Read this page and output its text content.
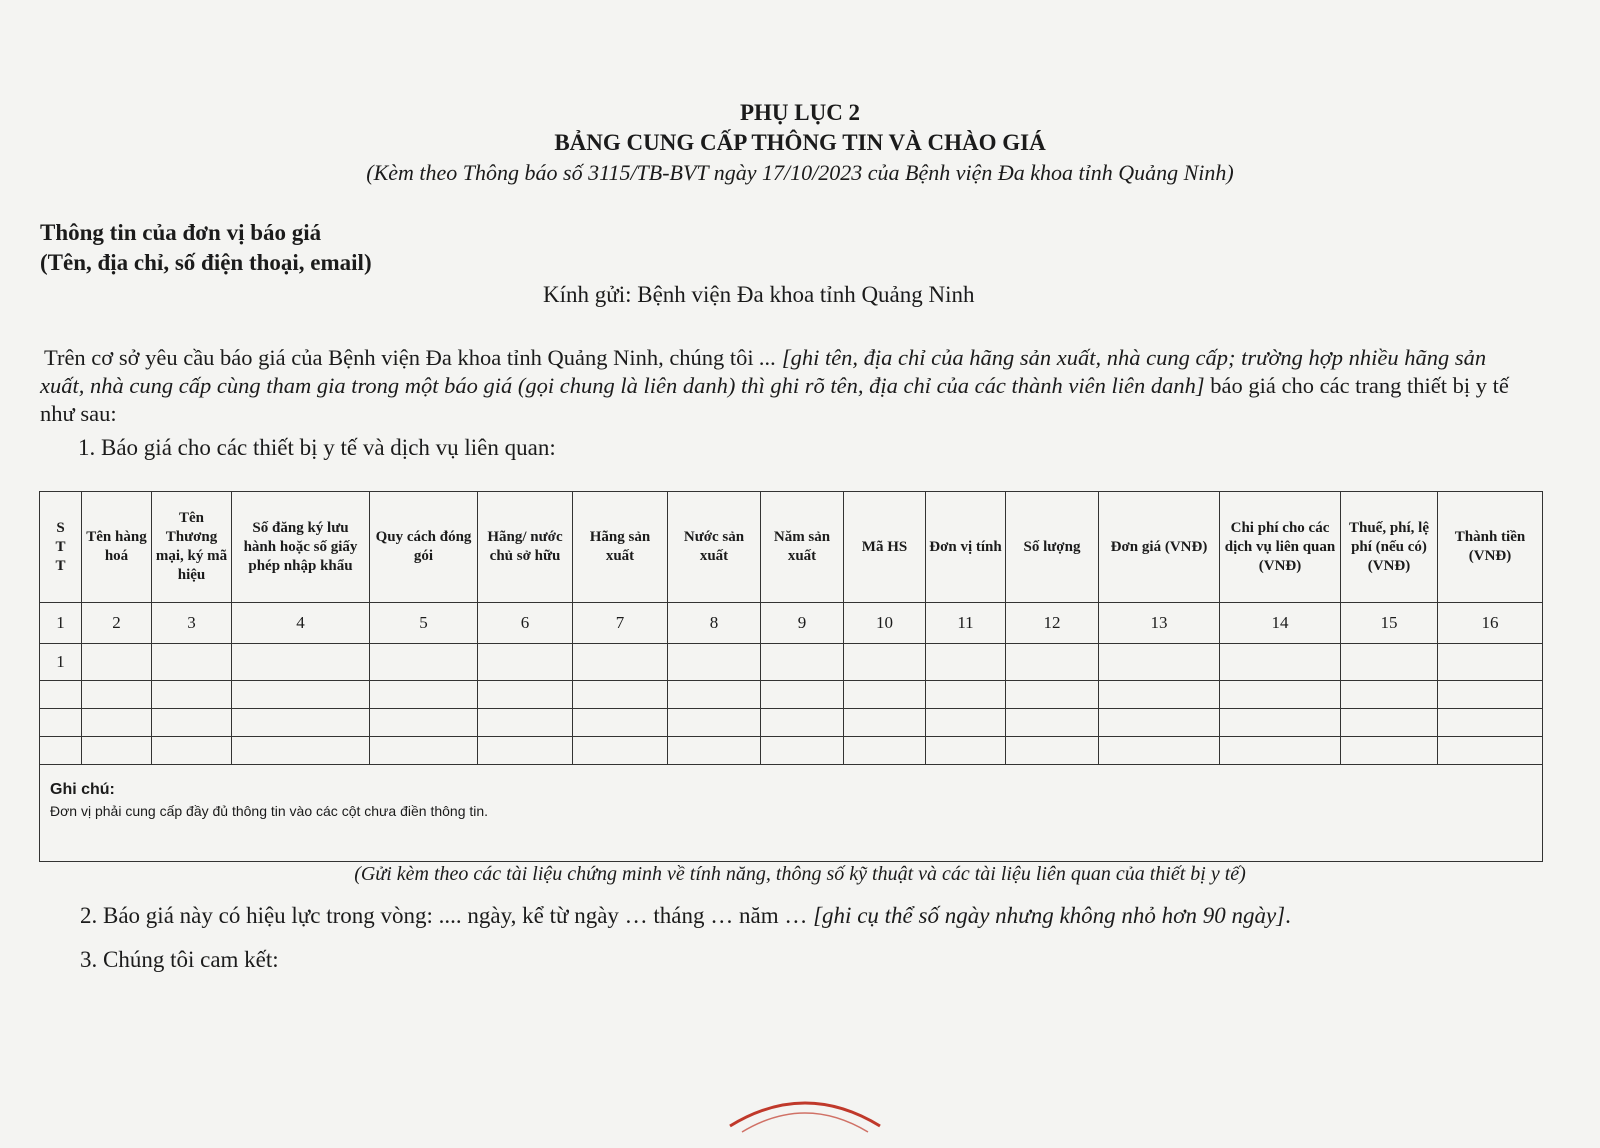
PHỤ LỤC 2
BẢNG CUNG CẤP THÔNG TIN VÀ CHÀO GIÁ
(Kèm theo Thông báo số 3115/TB-BVT ngày 17/10/2023 của Bệnh viện Đa khoa tỉnh Quảng Ninh)
Thông tin của đơn vị báo giá
(Tên, địa chỉ, số điện thoại, email)
Kính gửi: Bệnh viện Đa khoa tỉnh Quảng Ninh
Trên cơ sở yêu cầu báo giá của Bệnh viện Đa khoa tỉnh Quảng Ninh, chúng tôi ... [ghi tên, địa chỉ của hãng sản xuất, nhà cung cấp; trường hợp nhiều hãng sản xuất, nhà cung cấp cùng tham gia trong một báo giá (gọi chung là liên danh) thì ghi rõ tên, địa chỉ của các thành viên liên danh] báo giá cho các trang thiết bị y tế như sau:
1. Báo giá cho các thiết bị y tế và dịch vụ liên quan:
S T T	Tên hàng hoá	Tên Thương mại, ký mã hiệu	Số đăng ký lưu hành hoặc số giấy phép nhập khẩu	Quy cách đóng gói	Hãng/ nước chủ sở hữu	Hãng sản xuất	Nước sản xuất	Năm sản xuất	Mã HS	Đơn vị tính	Số lượng	Đơn giá (VNĐ)	Chi phí cho các dịch vụ liên quan (VNĐ)	Thuế, phí, lệ phí (nếu có) (VNĐ)	Thành tiền (VNĐ)
1	2	3	4	5	6	7	8	9	10	11	12	13	14	15	16
1															

Ghi chú:
Đơn vị phải cung cấp đầy đủ thông tin vào các cột chưa điền thông tin.															
(Gửi kèm theo các tài liệu chứng minh về tính năng, thông số kỹ thuật và các tài liệu liên quan của thiết bị y tế)
2. Báo giá này có hiệu lực trong vòng: .... ngày, kể từ ngày … tháng … năm … [ghi cụ thể số ngày nhưng không nhỏ hơn 90 ngày].
3. Chúng tôi cam kết:
